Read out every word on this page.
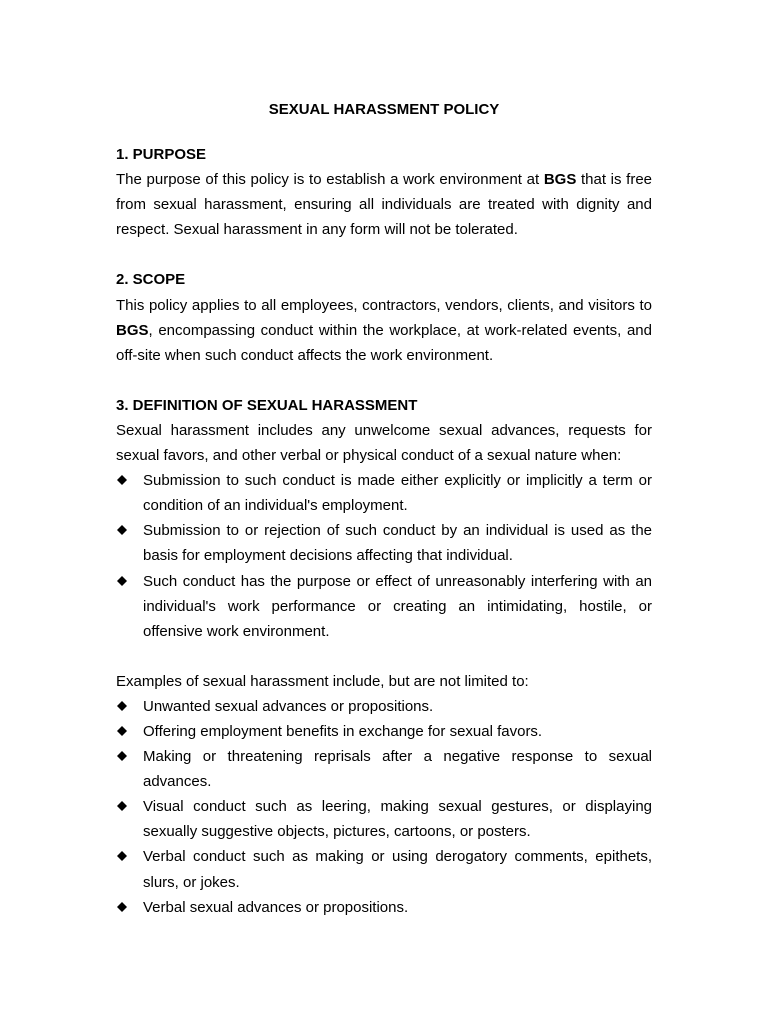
SEXUAL HARASSMENT POLICY

1. PURPOSE

The purpose of this policy is to establish a work environment at BGS that is free from sexual harassment, ensuring all individuals are treated with dignity and respect. Sexual harassment in any form will not be tolerated.

2. SCOPE

This policy applies to all employees, contractors, vendors, clients, and visitors to BGS, encompassing conduct within the workplace, at work-related events, and off-site when such conduct affects the work environment.

3. DEFINITION OF SEXUAL HARASSMENT

Sexual harassment includes any unwelcome sexual advances, requests for sexual favors, and other verbal or physical conduct of a sexual nature when:

Submission to such conduct is made either explicitly or implicitly a term or condition of an individual's employment.
Submission to or rejection of such conduct by an individual is used as the basis for employment decisions affecting that individual.
Such conduct has the purpose or effect of unreasonably interfering with an individual's work performance or creating an intimidating, hostile, or offensive work environment.

Examples of sexual harassment include, but are not limited to:

Unwanted sexual advances or propositions.
Offering employment benefits in exchange for sexual favors.
Making or threatening reprisals after a negative response to sexual advances.
Visual conduct such as leering, making sexual gestures, or displaying sexually suggestive objects, pictures, cartoons, or posters.
Verbal conduct such as making or using derogatory comments, epithets, slurs, or jokes.
Verbal sexual advances or propositions.
